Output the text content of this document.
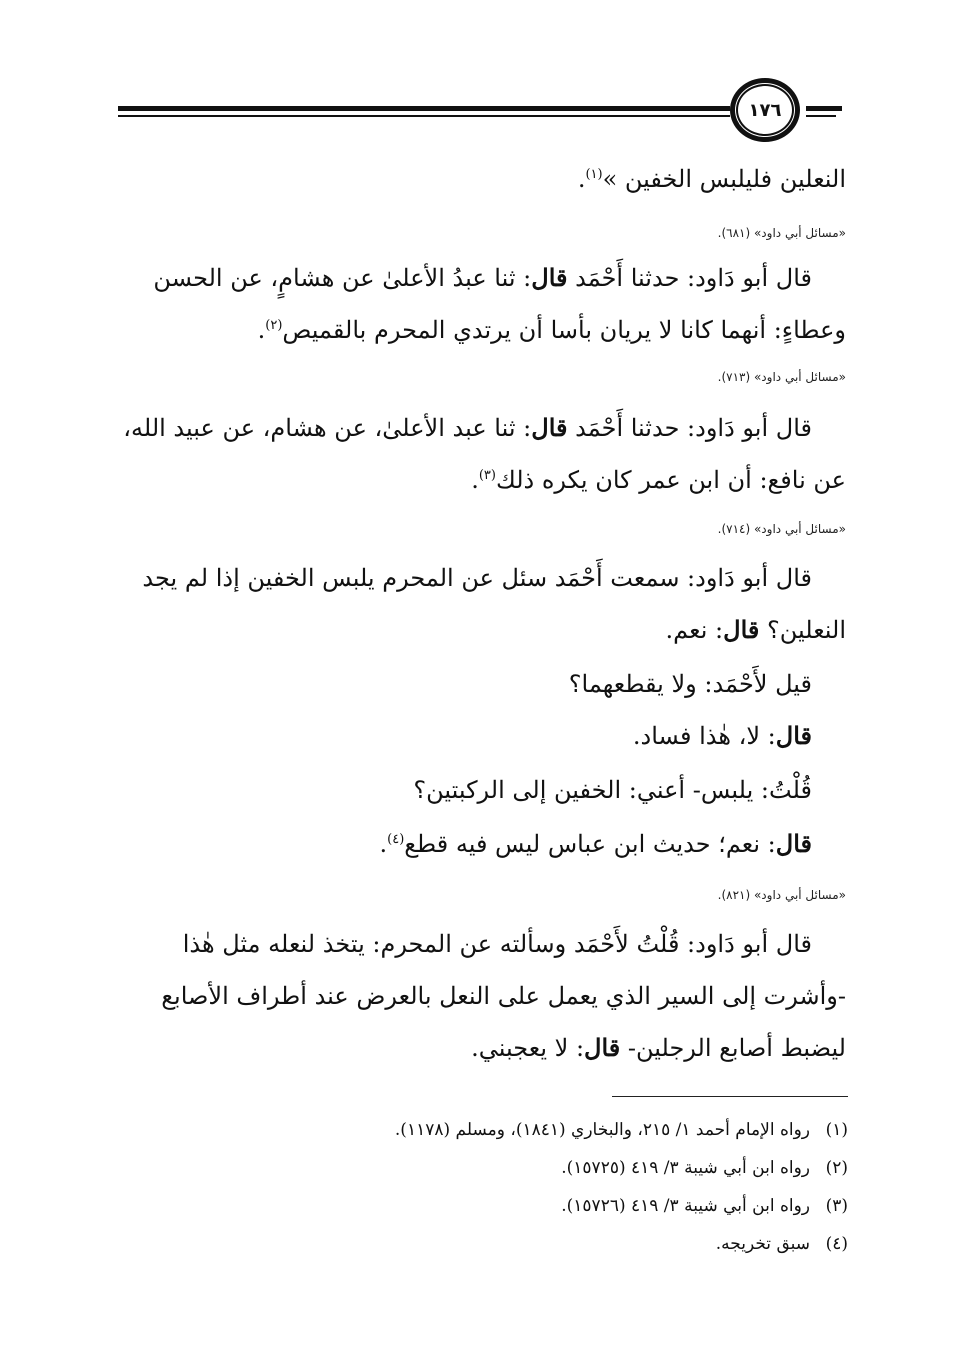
١٧٦
النعلين فليلبس الخفين »$^{(١)}$.
«مسائل أبي داود» (٦٨١).
قال أبو دَاود: حدثنا أَحْمَد قال: ثنا عبدُ الأعلىٰ عن هشامٍ، عن الحسن وعطاءٍ: أنهما كانا لا يريان بأسا أن يرتدي المحرم بالقميص$^{(٢)}$.
«مسائل أبي داود» (٧١٣).
قال أبو دَاود: حدثنا أَحْمَد قال: ثنا عبد الأعلىٰ، عن هشام، عن عبيد الله، عن نافع: أن ابن عمر كان يكره ذلك$^{(٣)}$.
«مسائل أبي داود» (٧١٤).
قال أبو دَاود: سمعت أَحْمَد سئل عن المحرم يلبس الخفين إذا لم يجد النعلين؟ قال: نعم.
قيل لأَحْمَد: ولا يقطعهما؟
قال: لا، هٰذا فساد.
قُلْتُ: يلبس- أعني: الخفين إلى الركبتين؟
قال: نعم؛ حديث ابن عباس ليس فيه قطع$^{(٤)}$.
«مسائل أبي داود» (٨٢١).
قال أبو دَاود: قُلْتُ لأَحْمَد وسألته عن المحرم: يتخذ لنعله مثل هٰذا -وأشرت إلى السير الذي يعمل على النعل بالعرض عند أطراف الأصابع ليضبط أصابع الرجلين- قال: لا يعجبني.
(١)رواه الإمام أحمد ١/ ٢١٥، والبخاري (١٨٤١)، ومسلم (١١٧٨).
(٢)رواه ابن أبي شيبة ٣/ ٤١٩ (١٥٧٢٥).
(٣)رواه ابن أبي شيبة ٣/ ٤١٩ (١٥٧٢٦).
(٤)سبق تخريجه.
